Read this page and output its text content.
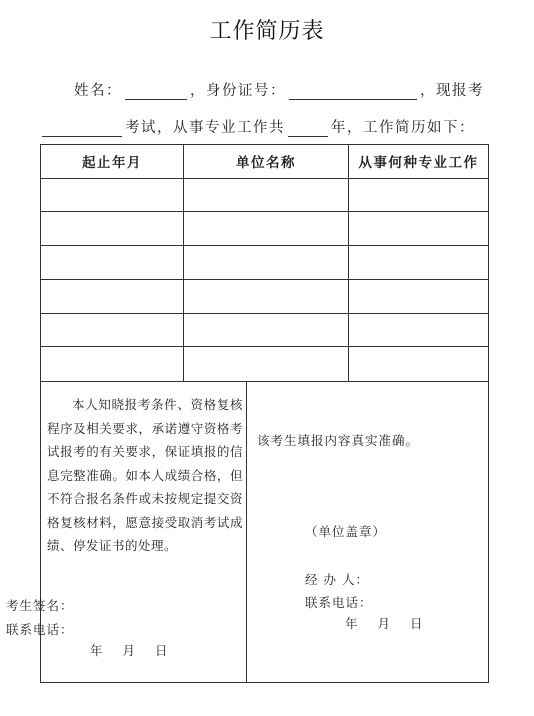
工作简历表
姓名：	， 身份证号：	， 现报考
考试，从事专业工作共	年，工作简历如下：
起止年月	单位名称	从事何种专业工作
本人知晓报考条件、资格复核程序及相关要求，承诺遵守资格考试报考的有关要求，保证填报的信息完整准确。如本人成绩合格，但不符合报名条件或未按规定提交资格复核材料，愿意接受取消考试成绩、停发证书的处理。
该考生填报内容真实准确。
（单位盖章）
经 办 人：
联系电话：
年 月 日
考生签名：
联系电话：
年 月 日
